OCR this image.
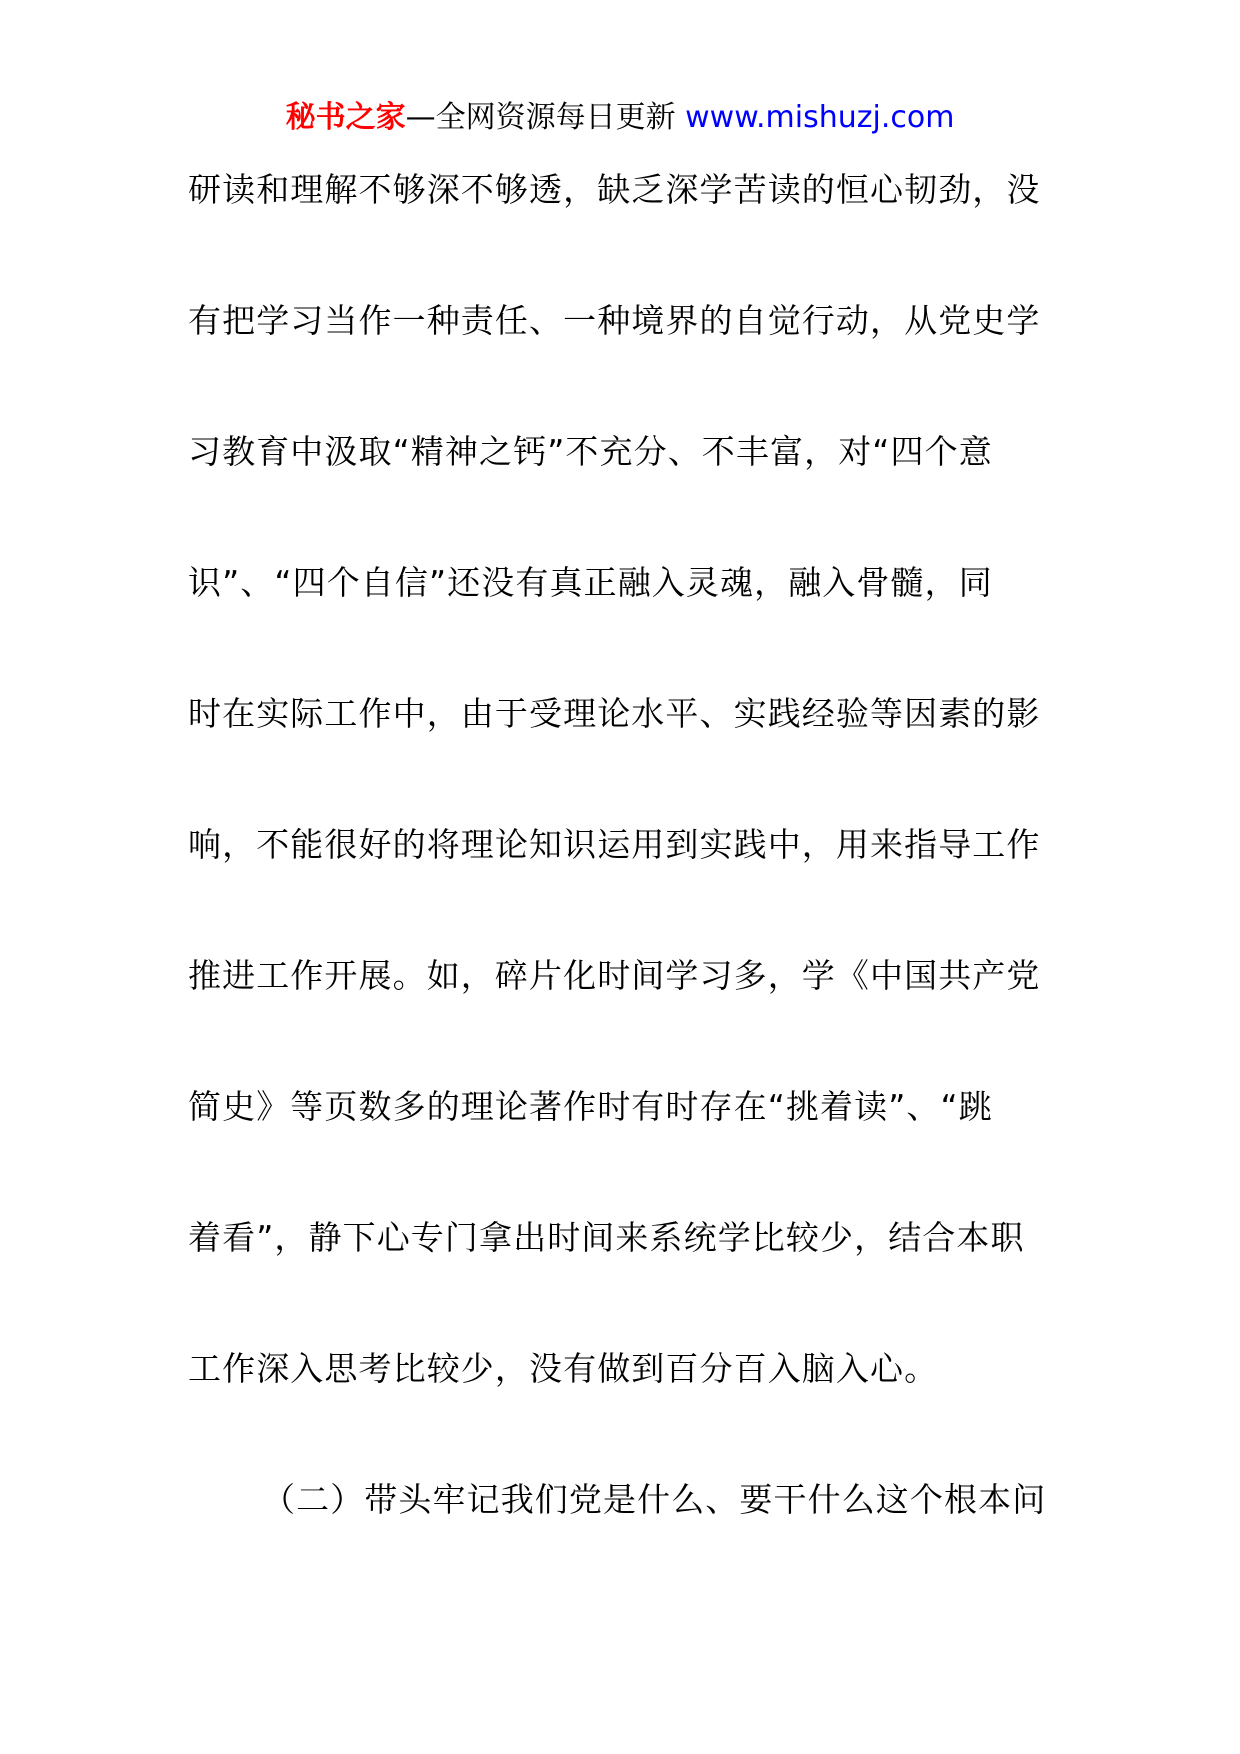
秘书之家—全网资源每日更新 www.mishuzj.com
研读和理解不够深不够透，缺乏深学苦读的恒心韧劲，没
有把学习当作一种责任、一种境界的自觉行动，从党史学
习教育中汲取“精神之钙”不充分、不丰富，对“四个意
识”、“四个自信”还没有真正融入灵魂，融入骨髓，同
时在实际工作中，由于受理论水平、实践经验等因素的影
响，不能很好的将理论知识运用到实践中，用来指导工作
推进工作开展。如，碎片化时间学习多，学《中国共产党
简史》等页数多的理论著作时有时存在“挑着读”、“跳
着看”，静下心专门拿出时间来系统学比较少，结合本职
工作深入思考比较少，没有做到百分百入脑入心。
（二）带头牢记我们党是什么、要干什么这个根本问
